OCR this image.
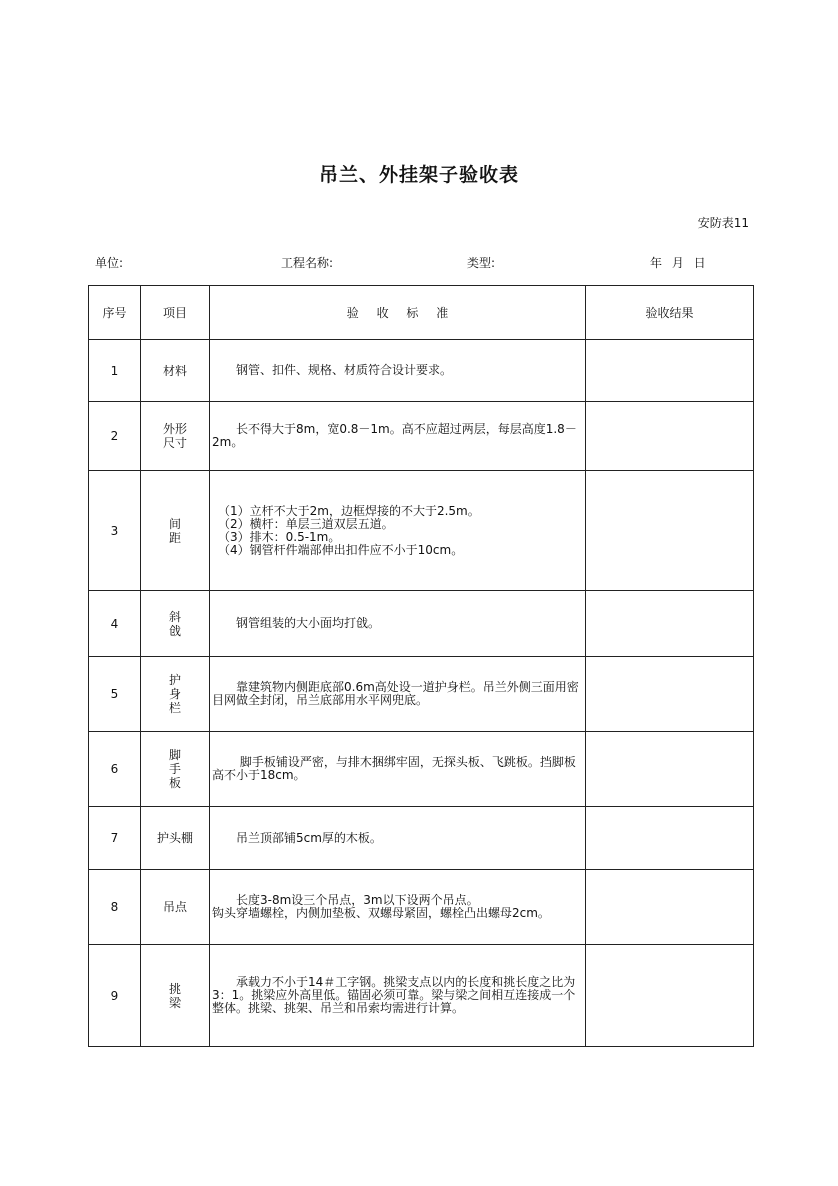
吊兰、外挂架子验收表
安防表11
单位:	工程名称:	类型:	年 月 日
序号	项目	验 收 标 准	验收结果
1	材料	　　钢管、扣件、规格、材质符合设计要求。	
2	外形尺寸	　　长不得大于8m，宽0.8－1m。高不应超过两层，每层高度1.8－2m。	
3	间距	　（1）立杆不大于2m，边框焊接的不大于2.5m。
　（2）横杆：单层三道双层五道。
　（3）排木：0.5-1m。
　（4）钢管杆件端部伸出扣件应不小于10cm。	
4	斜戗	　　钢管组装的大小面均打戗。	
5	护身栏	　　靠建筑物内侧距底部0.6m高处设一道护身栏。吊兰外侧三面用密目网做全封闭，吊兰底部用水平网兜底。	
6	脚手板	　　 脚手板铺设严密，与排木捆绑牢固，无探头板、飞跳板。挡脚板高不小于18cm。	
7	护头棚	　　吊兰顶部铺5cm厚的木板。	
8	吊点	　　长度3-8m设三个吊点，3m以下设两个吊点。
钩头穿墙螺栓，内侧加垫板、双螺母紧固，螺栓凸出螺母2cm。	
9	挑梁	　　承载力不小于14＃工字钢。挑梁支点以内的长度和挑长度之比为3：1。挑梁应外高里低。锚固必须可靠。梁与梁之间相互连接成一个整体。挑梁、挑架、吊兰和吊索均需进行计算。	
